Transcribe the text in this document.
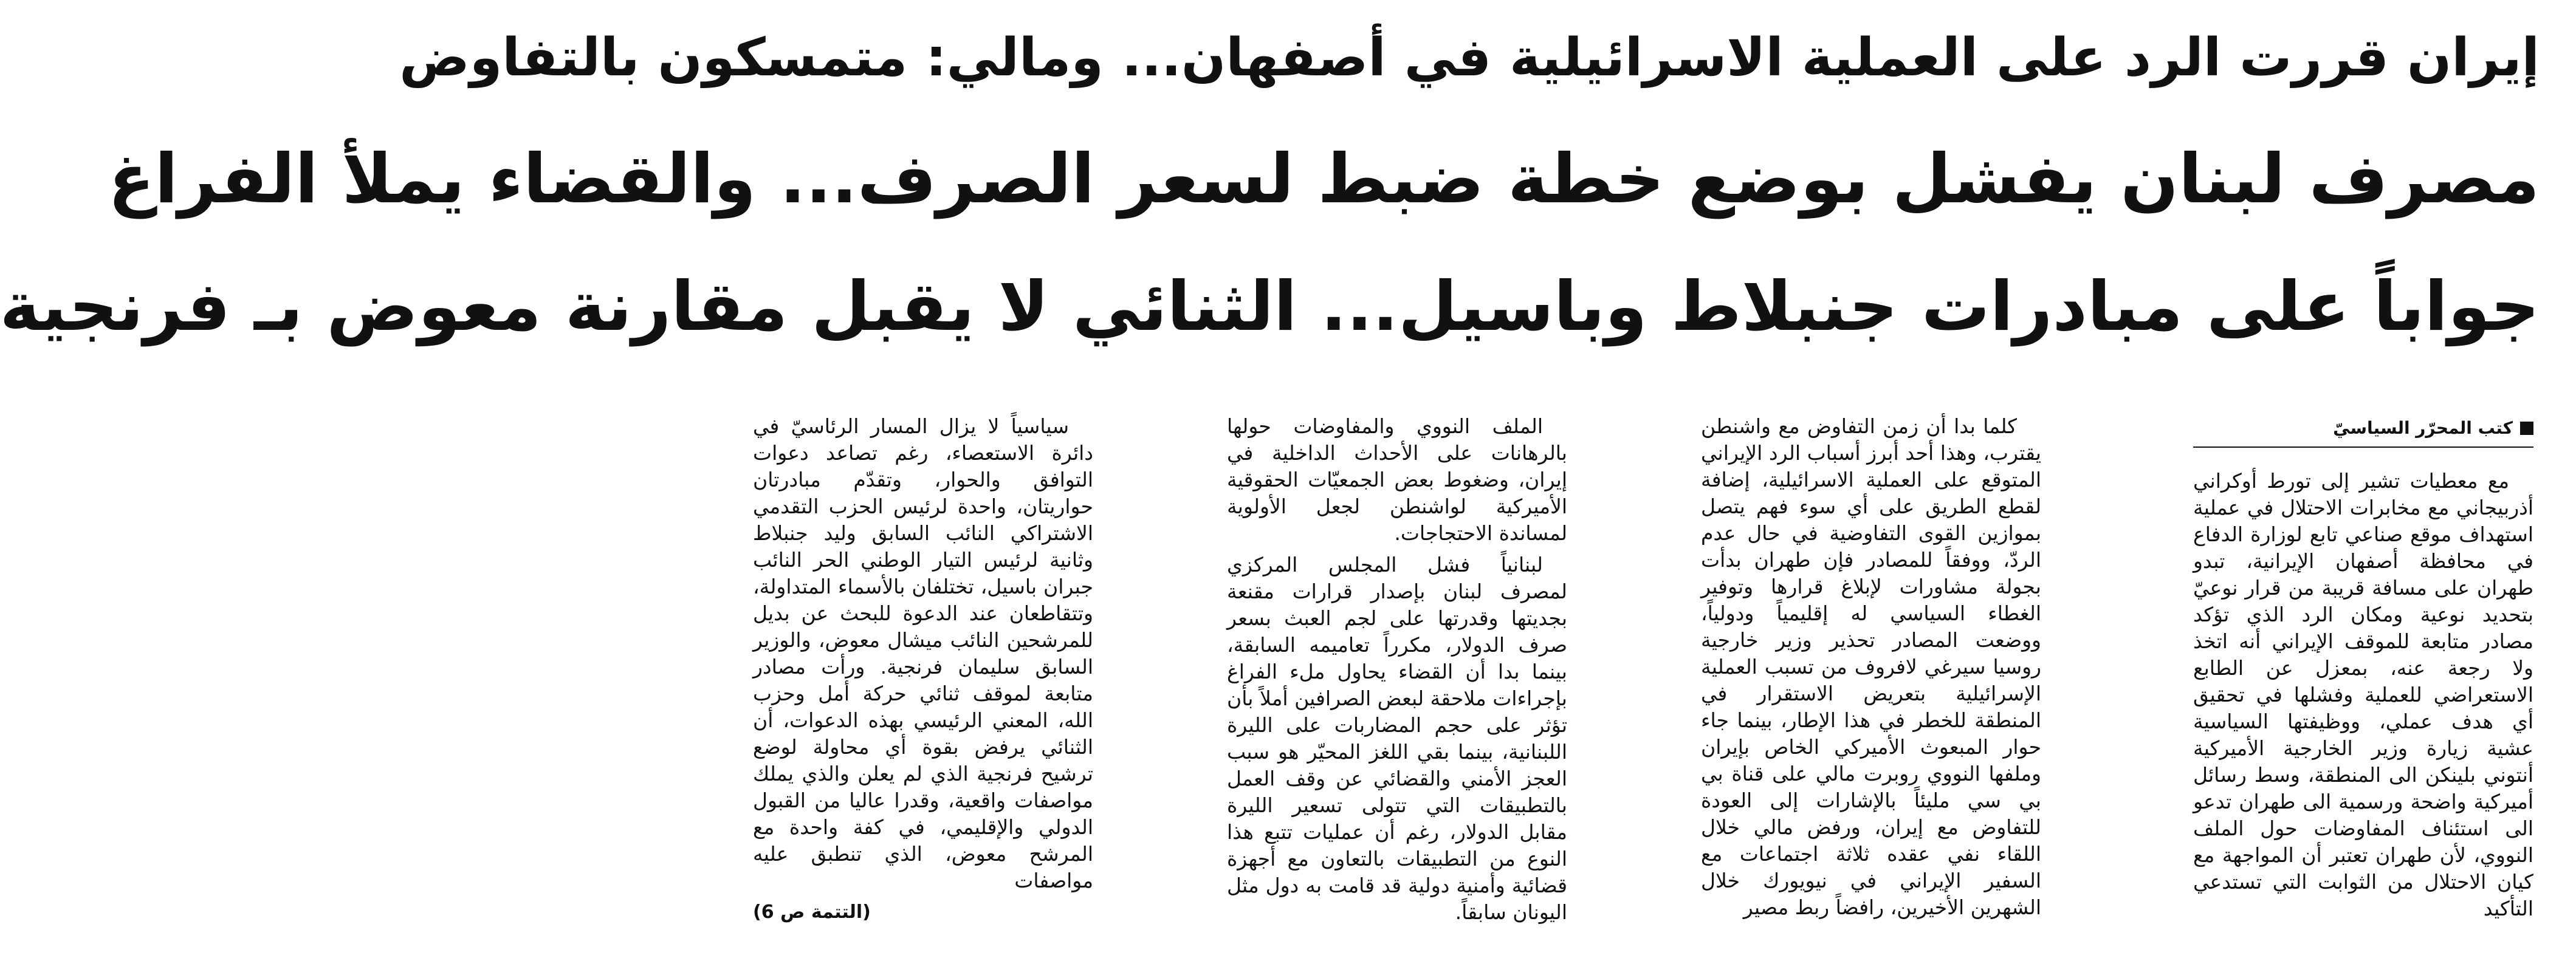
إيران قررت الرد على العملية الاسرائيلية في أصفهان... ومالي: متمسكون بالتفاوض
مصرف لبنان يفشل بوضع خطة ضبط لسعر الصرف... والقضاء يملأ الفراغ
جواباً على مبادرات جنبلاط وباسيل... الثنائي لا يقبل مقارنة معوض بـ فرنجية
كتب المحرّر السياسيّ

مع معطيات تشير إلى تورط أوكراني أذربيجاني مع مخابرات الاحتلال في عملية استهداف موقع صناعي تابع لوزارة الدفاع في محافظة أصفهان الإيرانية، تبدو طهران على مسافة قريبة من قرار نوعيّ بتحديد نوعية ومكان الرد الذي تؤكد مصادر متابعة للموقف الإيراني أنه اتخذ ولا رجعة عنه، بمعزل عن الطابع الاستعراضي للعملية وفشلها في تحقيق أي هدف عملي، ووظيفتها السياسية عشية زيارة وزير الخارجية الأميركية أنتوني بلينكن الى المنطقة، وسط رسائل أميركية واضحة ورسمية الى طهران تدعو الى استئناف المفاوضات حول الملف النووي، لأن طهران تعتبر أن المواجهة مع كيان الاحتلال من الثوابت التي تستدعي التأكيد

كلما بدا أن زمن التفاوض مع واشنطن يقترب، وهذا أحد أبرز أسباب الرد الإيراني المتوقع على العملية الاسرائيلية، إضافة لقطع الطريق على أي سوء فهم يتصل بموازين القوى التفاوضية في حال عدم الردّ، ووفقاً للمصادر فإن طهران بدأت بجولة مشاورات لإبلاغ قرارها وتوفير الغطاء السياسي له إقليمياً ودولياً، ووضعت المصادر تحذير وزير خارجية روسيا سيرغي لافروف من تسبب العملية الإسرائيلية بتعريض الاستقرار في المنطقة للخطر في هذا الإطار، بينما جاء حوار المبعوث الأميركي الخاص بإيران وملفها النووي روبرت مالي على قناة بي بي سي مليئاً بالإشارات إلى العودة للتفاوض مع إيران، ورفض مالي خلال اللقاء نفي عقده ثلاثة اجتماعات مع السفير الإيراني في نيويورك خلال الشهرين الأخيرين، رافضاً ربط مصير

الملف النووي والمفاوضات حولها بالرهانات على الأحداث الداخلية في إيران، وضغوط بعض الجمعيّات الحقوقية الأميركية لواشنطن لجعل الأولوية لمساندة الاحتجاجات.

لبنانياً فشل المجلس المركزي لمصرف لبنان بإصدار قرارات مقنعة بجديتها وقدرتها على لجم العبث بسعر صرف الدولار، مكرراً تعاميمه السابقة، بينما بدا أن القضاء يحاول ملء الفراغ بإجراءات ملاحقة لبعض الصرافين أملاً بأن تؤثر على حجم المضاربات على الليرة اللبنانية، بينما بقي اللغز المحيّر هو سبب العجز الأمني والقضائي عن وقف العمل بالتطبيقات التي تتولى تسعير الليرة مقابل الدولار، رغم أن عمليات تتبع هذا النوع من التطبيقات بالتعاون مع أجهزة قضائية وأمنية دولية قد قامت به دول مثل اليونان سابقاً.

سياسياً لا يزال المسار الرئاسيّ في دائرة الاستعصاء، رغم تصاعد دعوات التوافق والحوار، وتقدّم مبادرتان حواريتان، واحدة لرئيس الحزب التقدمي الاشتراكي النائب السابق وليد جنبلاط وثانية لرئيس التيار الوطني الحر النائب جبران باسيل، تختلفان بالأسماء المتداولة، وتتقاطعان عند الدعوة للبحث عن بديل للمرشحين النائب ميشال معوض، والوزير السابق سليمان فرنجية. ورأت مصادر متابعة لموقف ثنائي حركة أمل وحزب الله، المعني الرئيسي بهذه الدعوات، أن الثنائي يرفض بقوة أي محاولة لوضع ترشيح فرنجية الذي لم يعلن والذي يملك مواصفات واقعية، وقدرا عاليا من القبول الدولي والإقليمي، في كفة واحدة مع المرشح معوض، الذي تنطبق عليه مواصفات

(التتمة ص 6)
